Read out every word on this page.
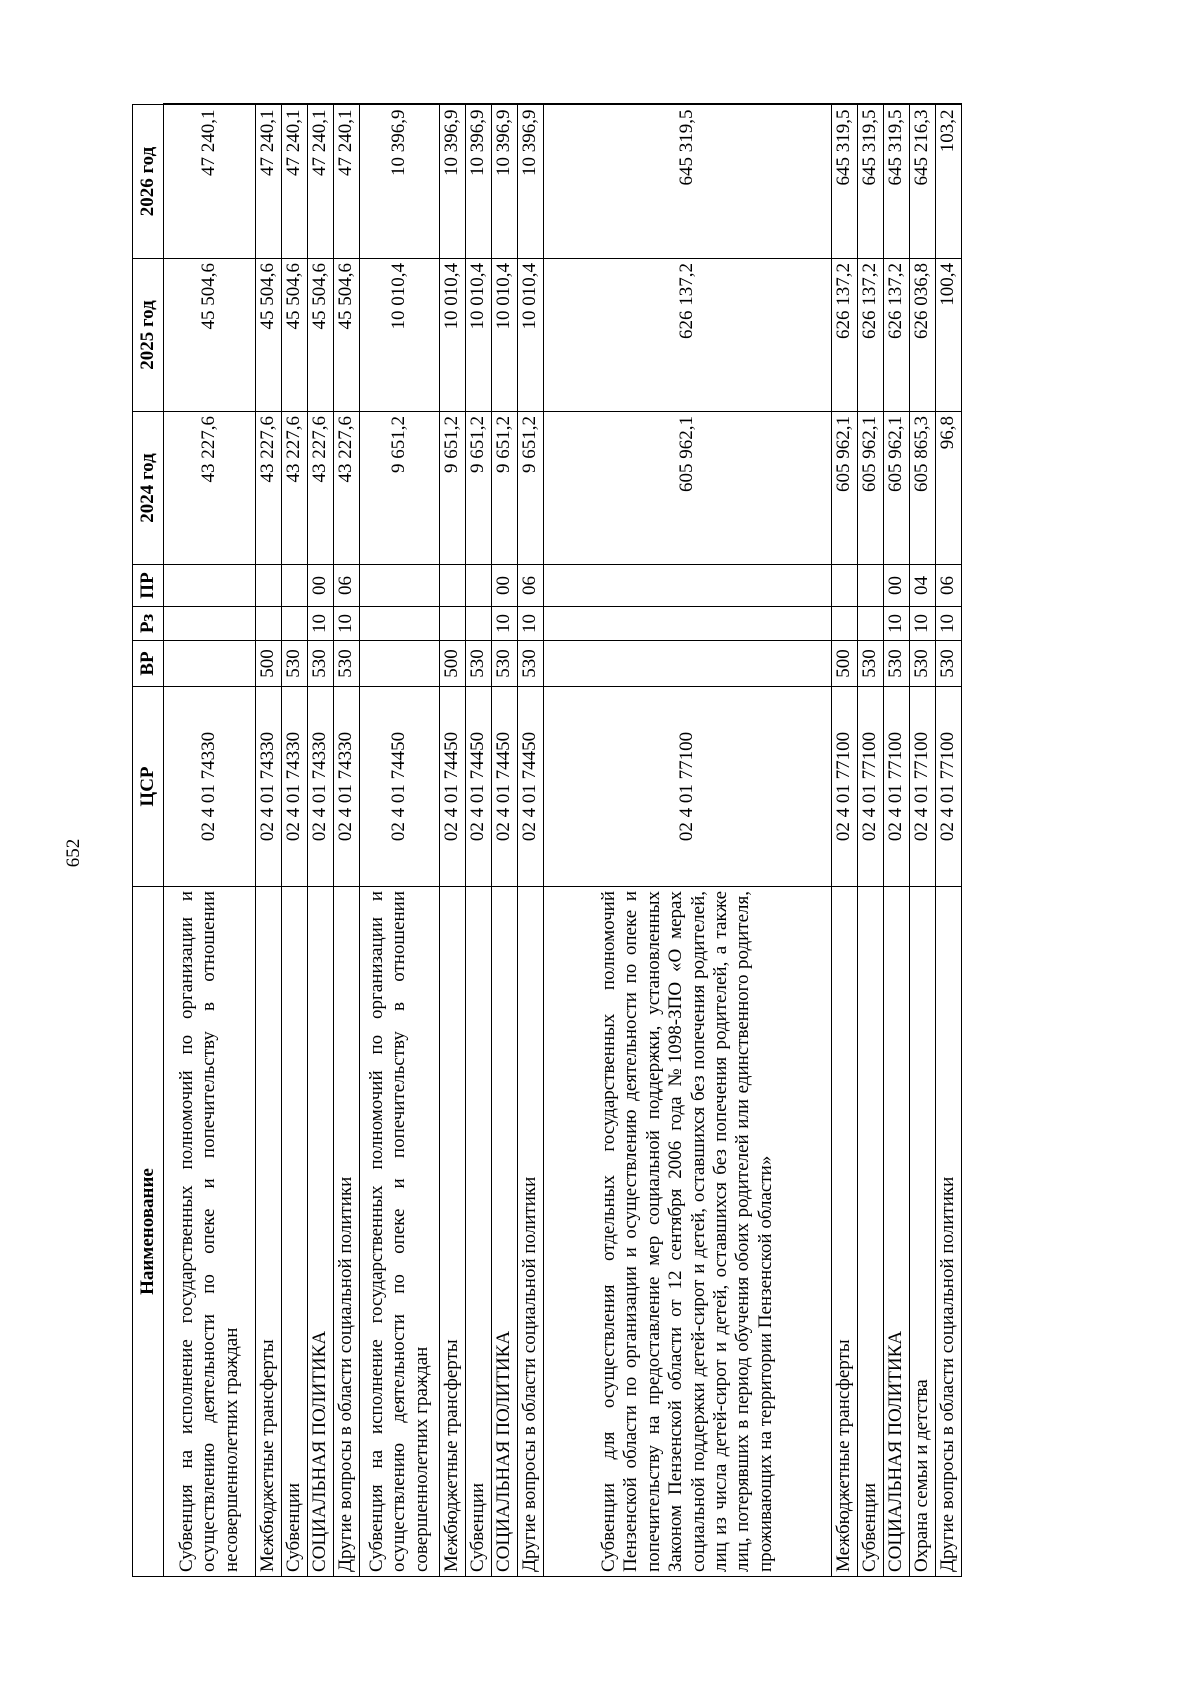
652
Наименование	ЦСР	ВР	Рз	ПР	2024 год	2025 год	2026 год
Субвенция на исполнение государственных полномочий по организации и осуществлению деятельности по опеке и попечительству в отношении несовершеннолетних граждан	02 4 01 74330				43 227,6	45 504,6	47 240,1
Межбюджетные трансферты	02 4 01 74330	500			43 227,6	45 504,6	47 240,1
Субвенции	02 4 01 74330	530			43 227,6	45 504,6	47 240,1
СОЦИАЛЬНАЯ ПОЛИТИКА	02 4 01 74330	530	10	00	43 227,6	45 504,6	47 240,1
Другие вопросы в области социальной политики	02 4 01 74330	530	10	06	43 227,6	45 504,6	47 240,1
Субвенция на исполнение государственных полномочий по организации и осуществлению деятельности по опеке и попечительству в отношении совершеннолетних граждан	02 4 01 74450				9 651,2	10 010,4	10 396,9
Межбюджетные трансферты	02 4 01 74450	500			9 651,2	10 010,4	10 396,9
Субвенции	02 4 01 74450	530			9 651,2	10 010,4	10 396,9
СОЦИАЛЬНАЯ ПОЛИТИКА	02 4 01 74450	530	10	00	9 651,2	10 010,4	10 396,9
Другие вопросы в области социальной политики	02 4 01 74450	530	10	06	9 651,2	10 010,4	10 396,9
Субвенции для осуществления отдельных государственных полномочий Пензенской области по организации и осуществлению деятельности по опеке и попечительству на предоставление мер социальной поддержки, установленных Законом Пензенской области от 12 сентября 2006 года №1098-ЗПО «О мерах социальной поддержки детей-сирот и детей, оставшихся без попечения родителей, лиц из числа детей-сирот и детей, оставшихся без попечения родителей, а также лиц, потерявших в период обучения обоих родителей или единственного родителя, проживающих на территории Пензенской области»	02 4 01 77100				605 962,1	626 137,2	645 319,5
Межбюджетные трансферты	02 4 01 77100	500			605 962,1	626 137,2	645 319,5
Субвенции	02 4 01 77100	530			605 962,1	626 137,2	645 319,5
СОЦИАЛЬНАЯ ПОЛИТИКА	02 4 01 77100	530	10	00	605 962,1	626 137,2	645 319,5
Охрана семьи и детства	02 4 01 77100	530	10	04	605 865,3	626 036,8	645 216,3
Другие вопросы в области социальной политики	02 4 01 77100	530	10	06	96,8	100,4	103,2
